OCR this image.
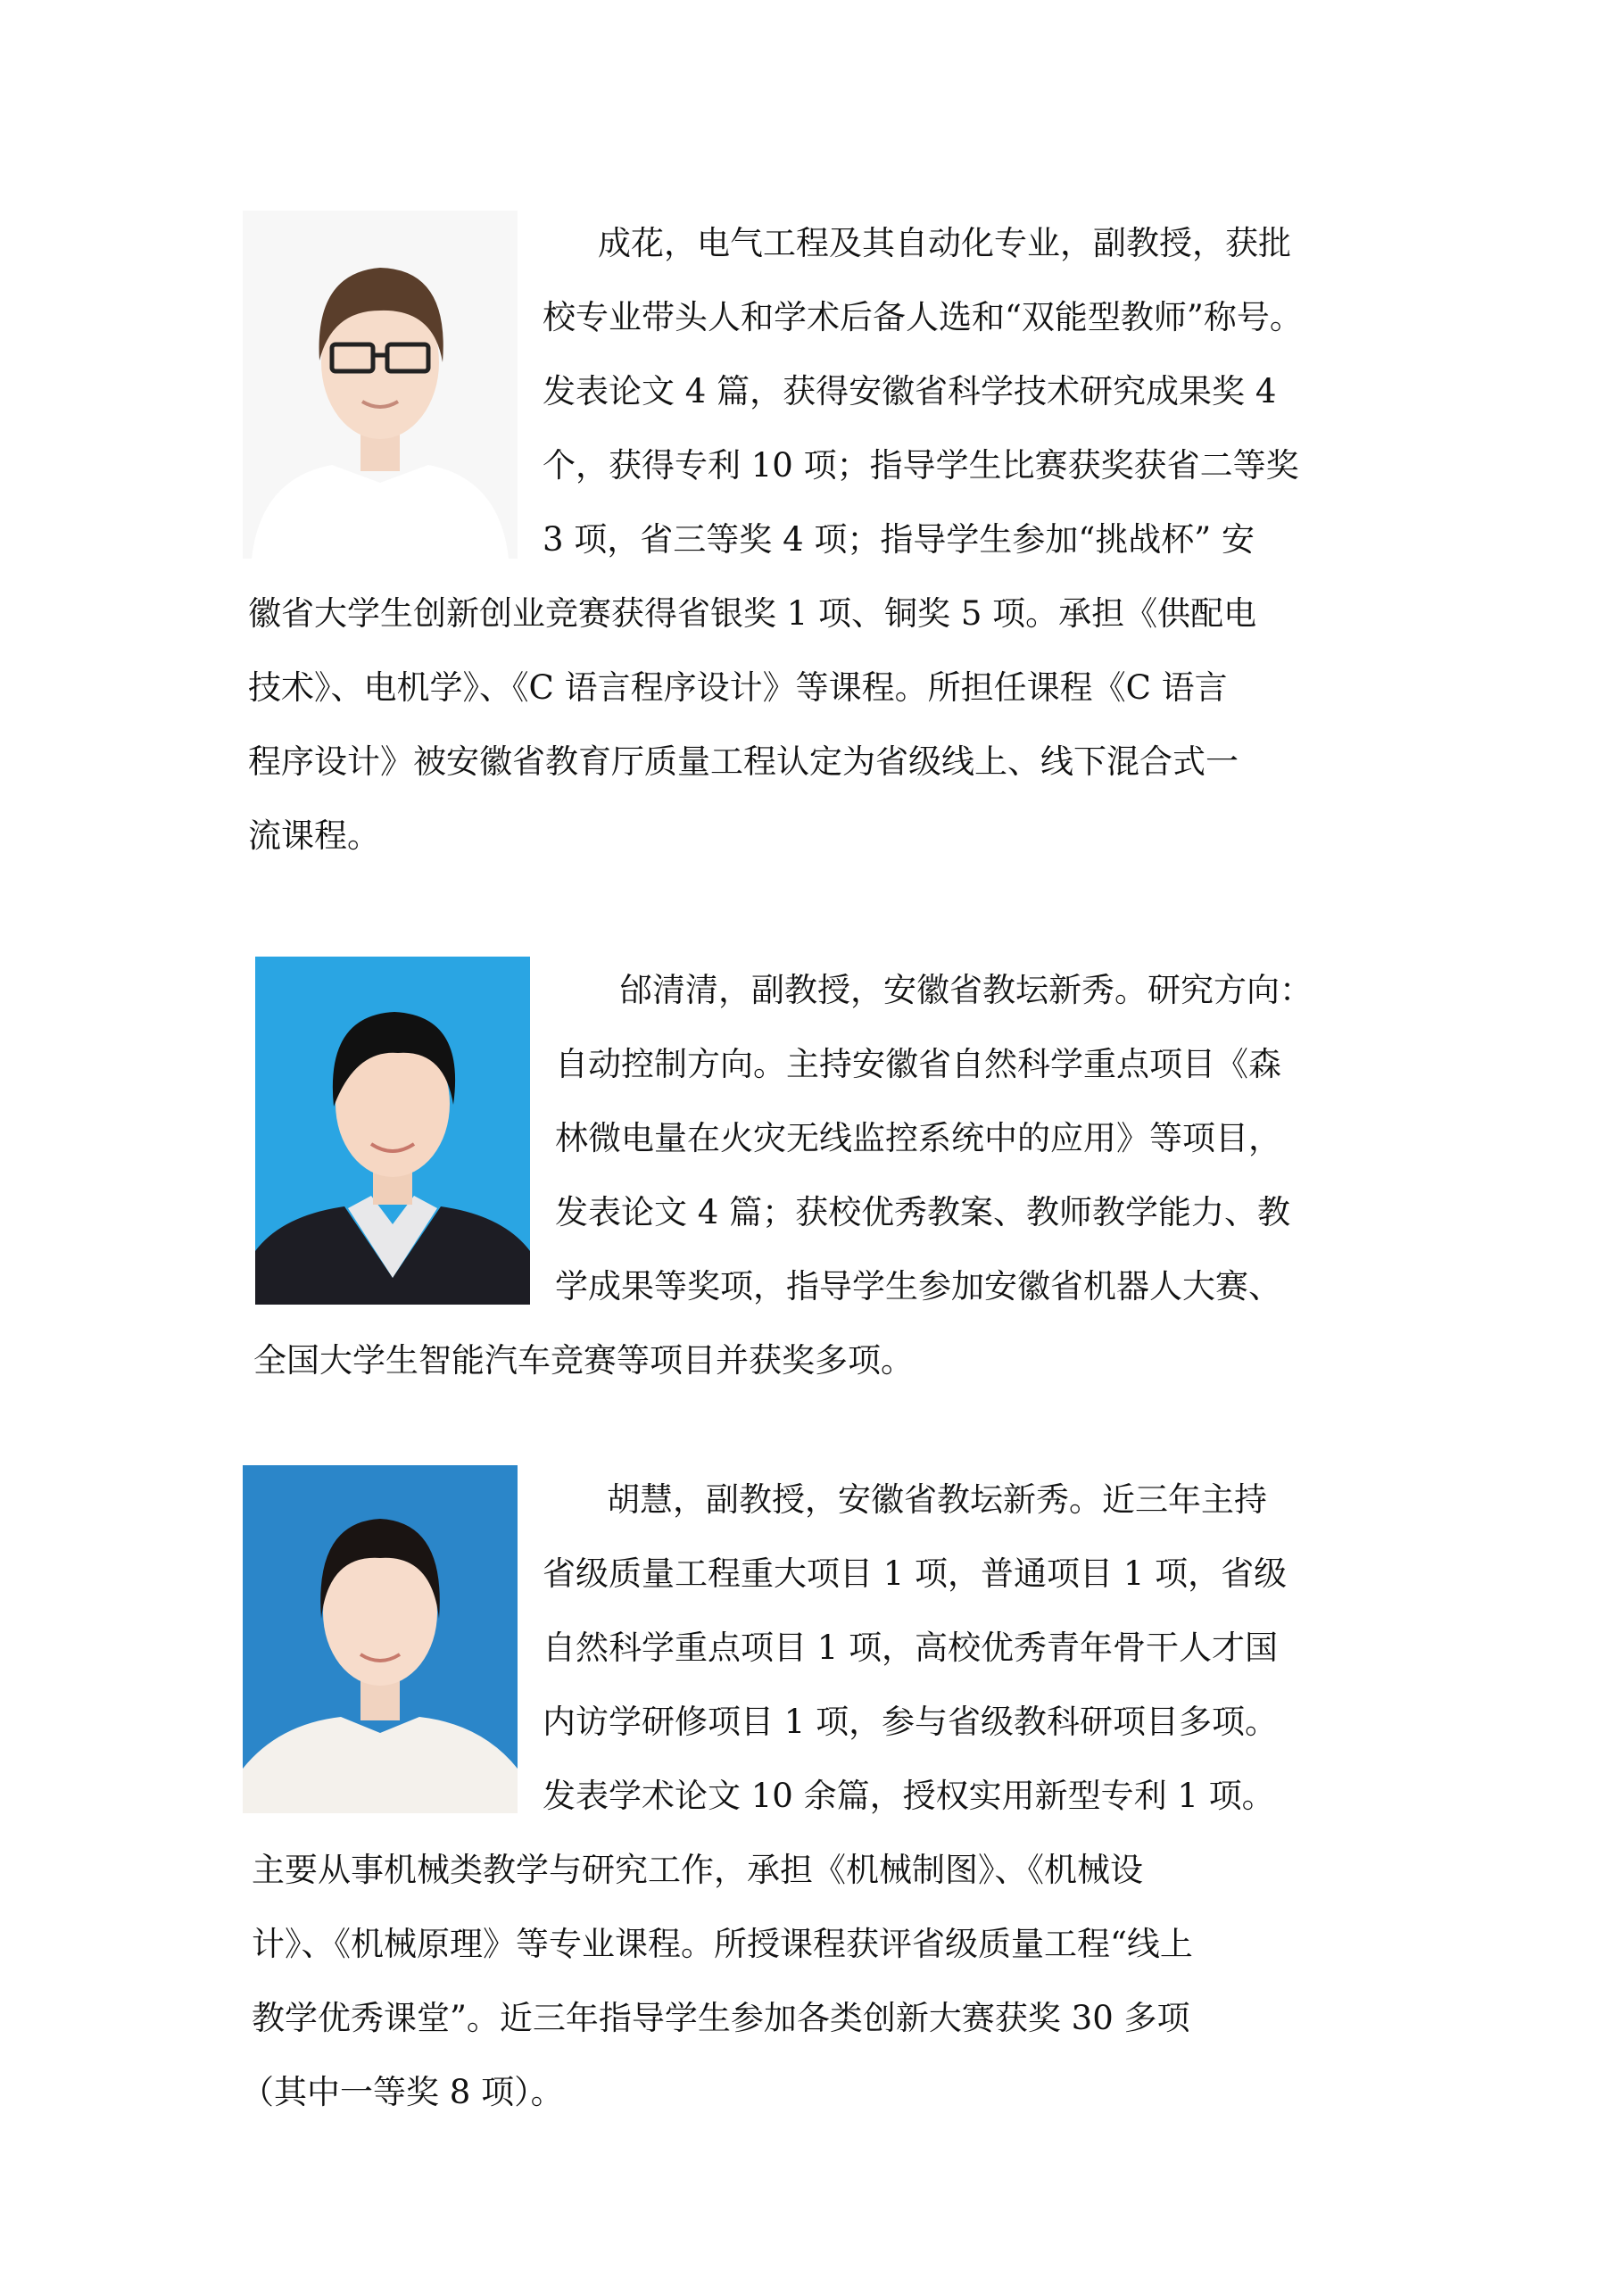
成花，电气工程及其自动化专业，副教授，获批
校专业带头人和学术后备人选和“双能型教师”称号。
发表论文 4 篇，获得安徽省科学技术研究成果奖 4
个，获得专利 10 项；指导学生比赛获奖获省二等奖
3 项，省三等奖 4 项；指导学生参加“挑战杯” 安
徽省大学生创新创业竞赛获得省银奖 1 项、铜奖 5 项。承担《供配电
技术》、电机学》、《C 语言程序设计》等课程。所担任课程《C 语言
程序设计》被安徽省教育厅质量工程认定为省级线上、线下混合式一
流课程。
邰清清，副教授，安徽省教坛新秀。研究方向：
自动控制方向。主持安徽省自然科学重点项目《森
林微电量在火灾无线监控系统中的应用》等项目，
发表论文 4 篇；获校优秀教案、教师教学能力、教
学成果等奖项，指导学生参加安徽省机器人大赛、
全国大学生智能汽车竞赛等项目并获奖多项。
胡慧，副教授，安徽省教坛新秀。近三年主持
省级质量工程重大项目 1 项，普通项目 1 项，省级
自然科学重点项目 1 项，高校优秀青年骨干人才国
内访学研修项目 1 项，参与省级教科研项目多项。
发表学术论文 10 余篇，授权实用新型专利 1 项。
主要从事机械类教学与研究工作，承担《机械制图》、《机械设
计》、《机械原理》等专业课程。所授课程获评省级质量工程“线上
教学优秀课堂”。近三年指导学生参加各类创新大赛获奖 30 多项
（其中一等奖 8 项）。
